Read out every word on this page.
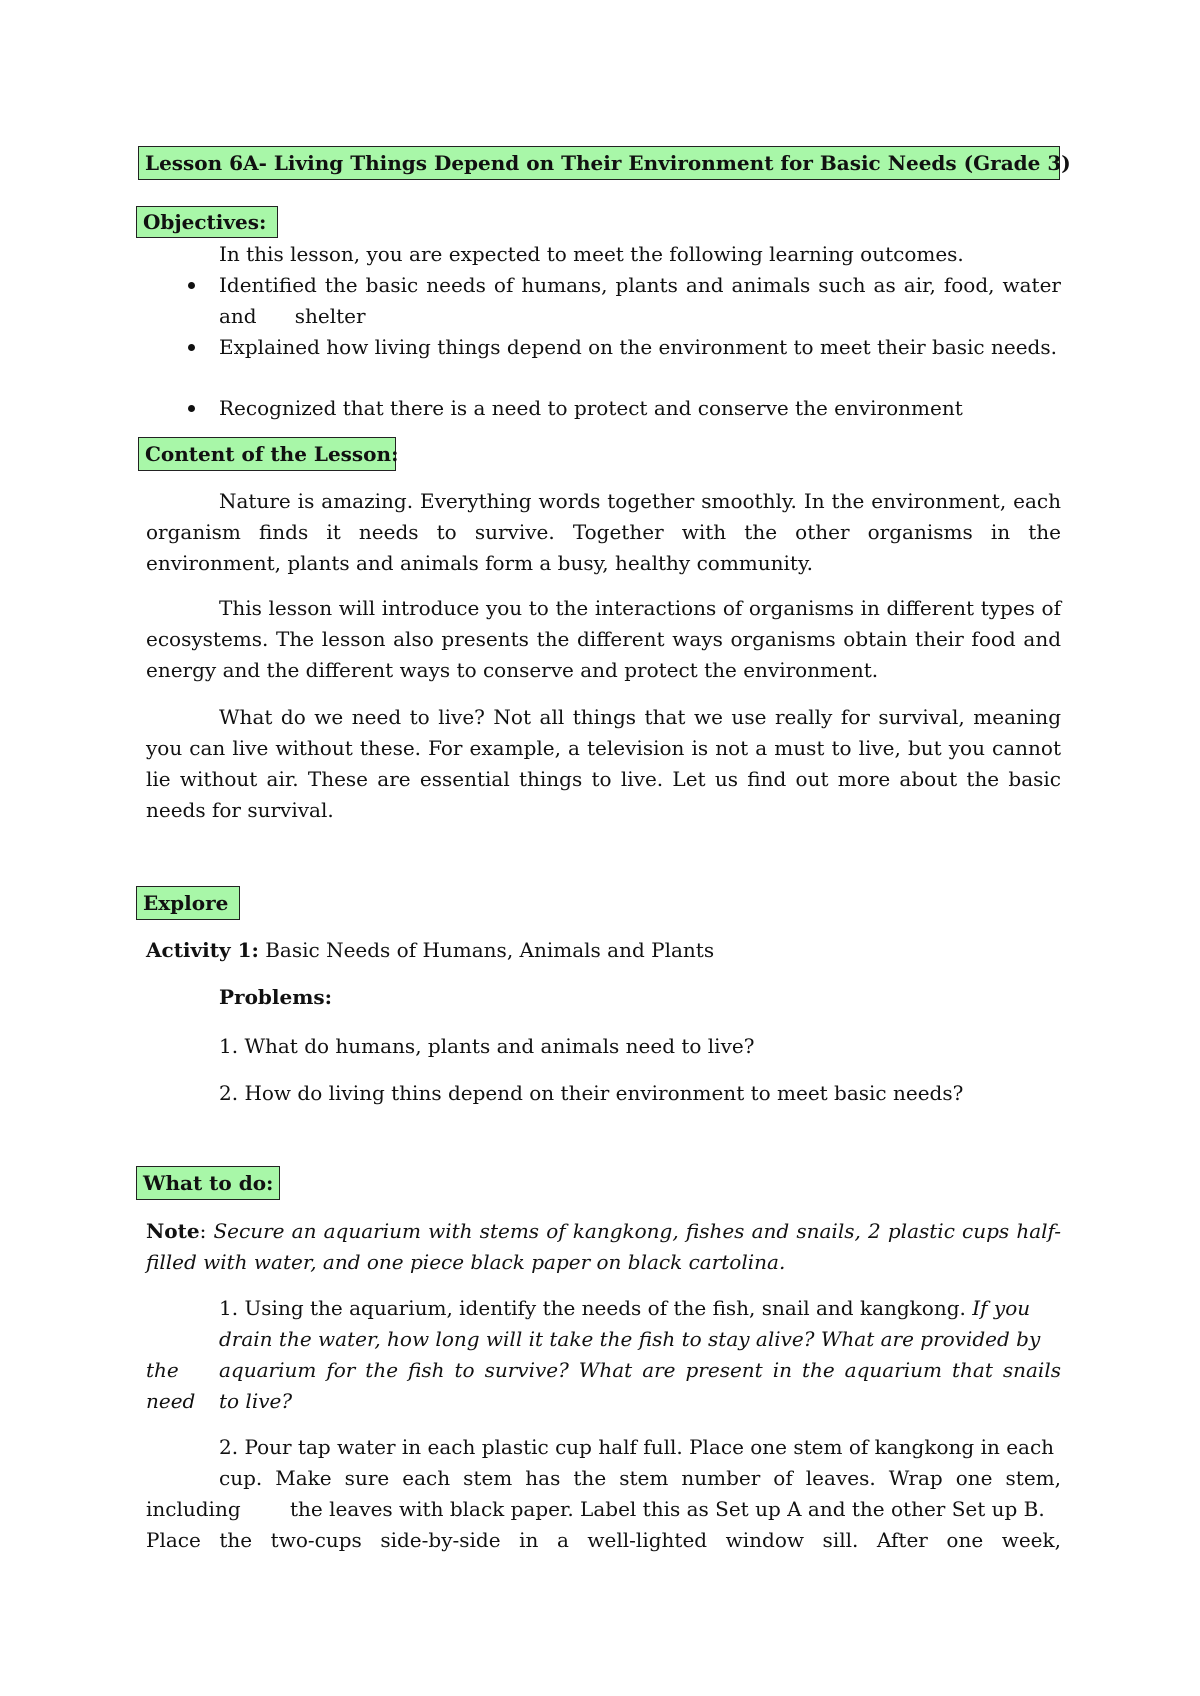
Lesson 6A- Living Things Depend on Their Environment for Basic Needs (Grade 3)
Objectives:
In this lesson, you are expected to meet the following learning outcomes.
Identified the basic needs of humans, plants and animals such as air, food, water and      shelter
Explained how living things depend on the environment to meet their basic needs.
Recognized that there is a need to protect and conserve the environment
Content of the Lesson:
Nature is amazing. Everything words together smoothly. In the environment, each organism finds it needs to survive. Together with the other organisms in the environment, plants and animals form a busy, healthy community.
This lesson will introduce you to the interactions of organisms in different types of ecosystems. The lesson also presents the different ways organisms obtain their food and energy and the different ways to conserve and protect the environment.
What do we need to live? Not all things that we use really for survival, meaning you can live without these. For example, a television is not a must to live, but you cannot lie without air. These are essential things to live. Let us find out more about the basic needs for survival.
Explore
Activity 1: Basic Needs of Humans, Animals and Plants
Problems:
1. What do humans, plants and animals need to live?
2. How do living thins depend on their environment to meet basic needs?
What to do:
Note: Secure an aquarium with stems of kangkong, fishes and snails, 2 plastic cups half-filled with water, and one piece black paper on black cartolina.
1. Using the aquarium, identify the needs of the fish, snail and kangkong. If you
drain the water, how long will it take the fish to stay alive? What are provided by
the aquarium for the fish to survive? What are present in the aquarium that snails
need to live?
2. Pour tap water in each plastic cup half full. Place one stem of kangkong in each
cup. Make sure each stem has the stem number of leaves. Wrap one stem,
including the leaves with black paper. Label this as Set up A and the other Set up B.
Place the two-cups side-by-side in a well-lighted window sill. After one week,
